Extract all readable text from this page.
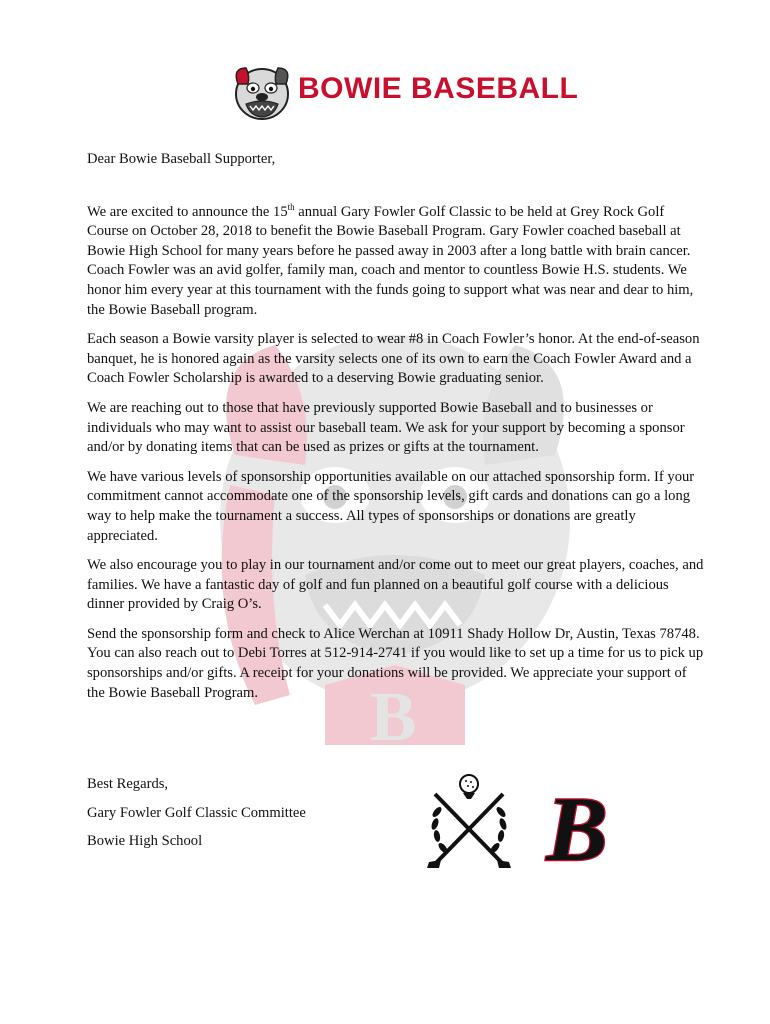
B
BOWIE BASEBALL

Dear Bowie Baseball Supporter,

We are excited to announce the 15th annual Gary Fowler Golf Classic to be held at Grey Rock Golf Course on October 28, 2018 to benefit the Bowie Baseball Program. Gary Fowler coached baseball at Bowie High School for many years before he passed away in 2003 after a long battle with brain cancer. Coach Fowler was an avid golfer, family man, coach and mentor to countless Bowie H.S. students. We honor him every year at this tournament with the funds going to support what was near and dear to him, the Bowie Baseball program.

Each season a Bowie varsity player is selected to wear #8 in Coach Fowler’s honor. At the end-of-season banquet, he is honored again as the varsity selects one of its own to earn the Coach Fowler Award and a Coach Fowler Scholarship is awarded to a deserving Bowie graduating senior.

We are reaching out to those that have previously supported Bowie Baseball and to businesses or individuals who may want to assist our baseball team. We ask for your support by becoming a sponsor and/or by donating items that can be used as prizes or gifts at the tournament.

We have various levels of sponsorship opportunities available on our attached sponsorship form. If your commitment cannot accommodate one of the sponsorship levels, gift cards and donations can go a long way to help make the tournament a success. All types of sponsorships or donations are greatly appreciated.

We also encourage you to play in our tournament and/or come out to meet our great players, coaches, and families. We have a fantastic day of golf and fun planned on a beautiful golf course with a delicious dinner provided by Craig O’s.

Send the sponsorship form and check to Alice Werchan at 10911 Shady Hollow Dr, Austin, Texas 78748. You can also reach out to Debi Torres at 512-914-2741 if you would like to set up a time for us to pick up sponsorships and/or gifts. A receipt for your donations will be provided. We appreciate your support of the Bowie Baseball Program.

Best Regards,

Gary Fowler Golf Classic Committee

Bowie High School	B
